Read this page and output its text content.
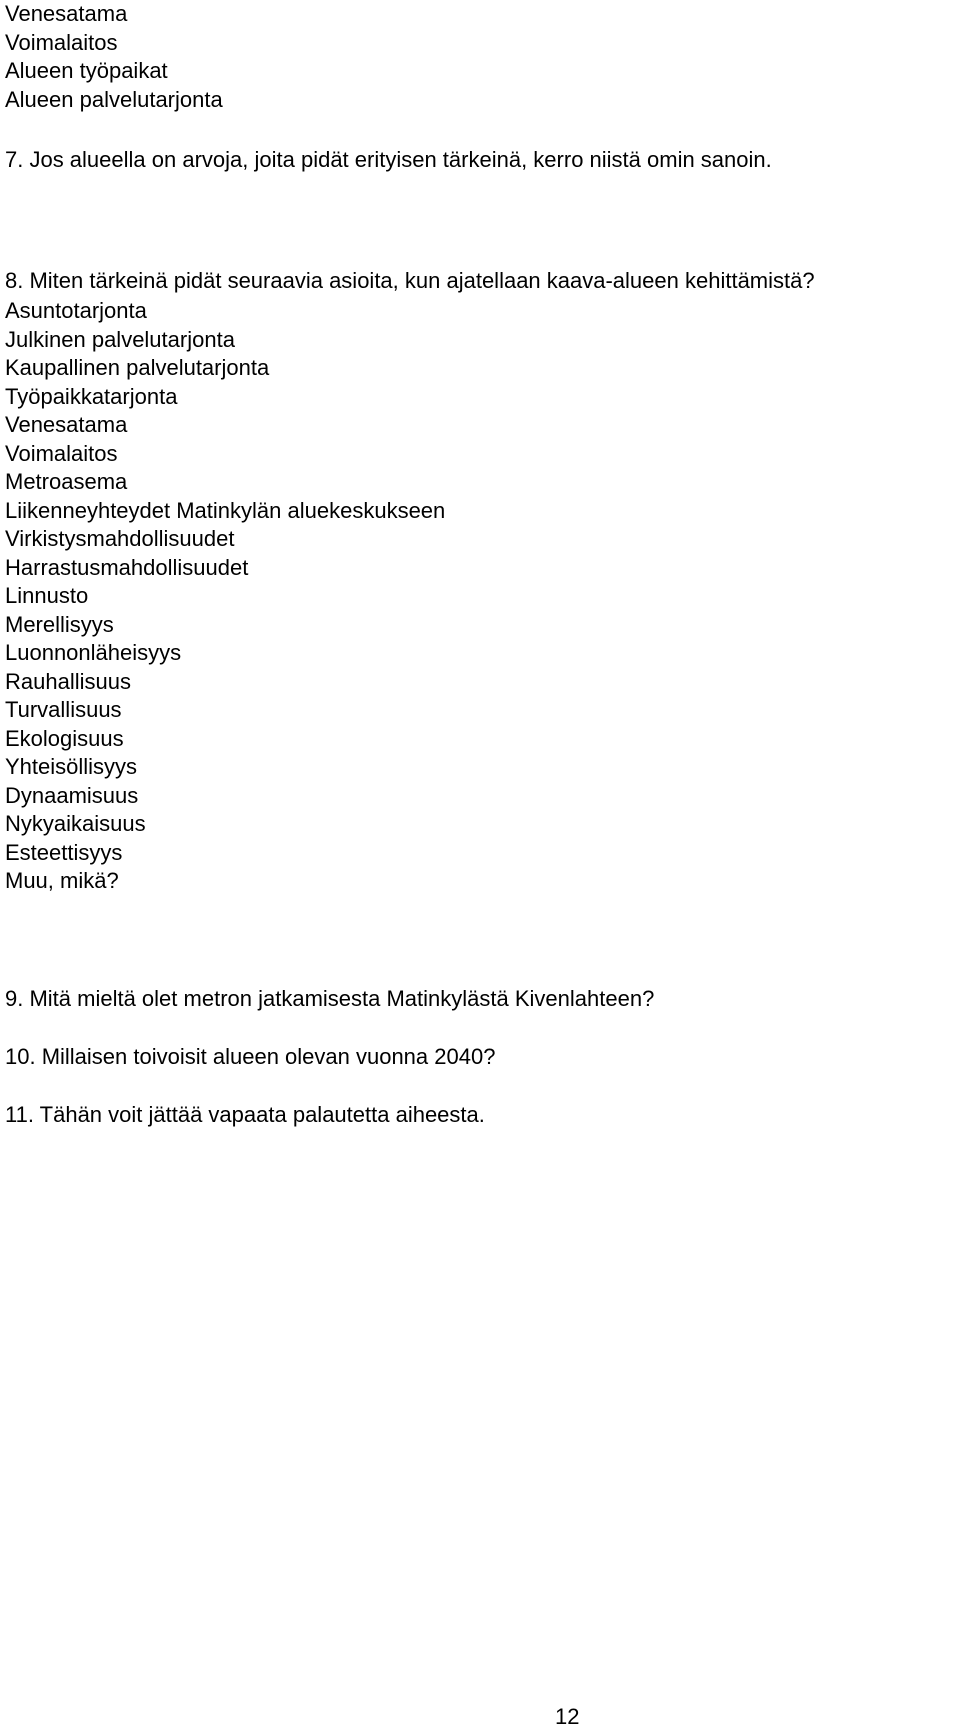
Venesatama
Voimalaitos
Alueen työpaikat
Alueen palvelutarjonta
7. Jos alueella on arvoja, joita pidät erityisen tärkeinä, kerro niistä omin sanoin.
8. Miten tärkeinä pidät seuraavia asioita, kun ajatellaan kaava-alueen kehittämistä?
Asuntotarjonta
Julkinen palvelutarjonta
Kaupallinen palvelutarjonta
Työpaikkatarjonta
Venesatama
Voimalaitos
Metroasema
Liikenneyhteydet Matinkylän aluekeskukseen
Virkistysmahdollisuudet
Harrastusmahdollisuudet
Linnusto
Merellisyys
Luonnonläheisyys
Rauhallisuus
Turvallisuus
Ekologisuus
Yhteisöllisyys
Dynaamisuus
Nykyaikaisuus
Esteettisyys
Muu, mikä?
9. Mitä mieltä olet metron jatkamisesta Matinkylästä Kivenlahteen?
10. Millaisen toivoisit alueen olevan vuonna 2040?
11. Tähän voit jättää vapaata palautetta aiheesta.
12
